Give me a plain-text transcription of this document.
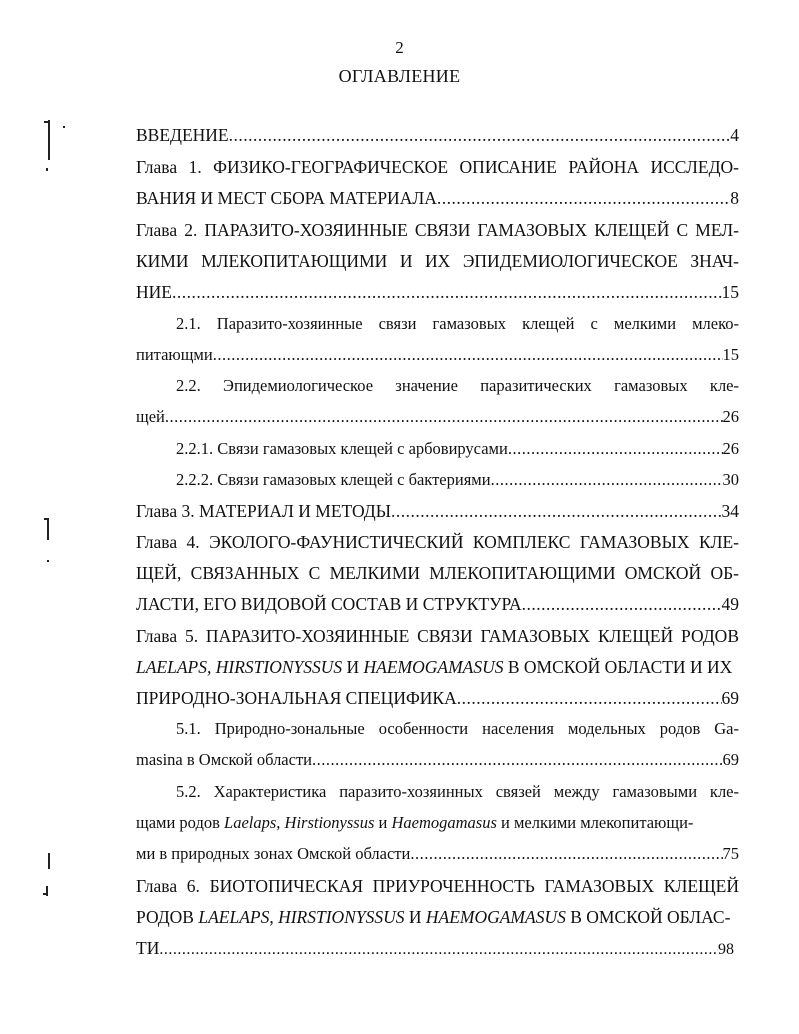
2
ОГЛАВЛЕНИЕ
ВВЕДЕНИЕ .....	4
Глава 1. ФИЗИКО-ГЕОГРАФИЧЕСКОЕ ОПИСАНИЕ РАЙОНА ИССЛЕДО-
ВАНИЯ И МЕСТ СБОРА МАТЕРИАЛА .....	8
Глава 2. ПАРАЗИТО-ХОЗЯИННЫЕ СВЯЗИ ГАМАЗОВЫХ КЛЕЩЕЙ С МЕЛ-
КИМИ МЛЕКОПИТАЮЩИМИ И ИХ ЭПИДЕМИОЛОГИЧЕСКОЕ ЗНАЧ-
НИЕ .....	15
2.1. Паразито-хозяинные связи гамазовых клещей с мелкими млеко-
питающми .....	15
2.2. Эпидемиологическое значение паразитических гамазовых кле-
щей .....	26
2.2.1. Связи гамазовых клещей с арбовирусами .....	26
2.2.2. Связи гамазовых клещей с бактериями .....	30
Глава 3. МАТЕРИАЛ И МЕТОДЫ .....	34
Глава 4. ЭКОЛОГО-ФАУНИСТИЧЕСКИЙ КОМПЛЕКС ГАМАЗОВЫХ КЛЕ-
ЩЕЙ, СВЯЗАННЫХ С МЕЛКИМИ МЛЕКОПИТАЮЩИМИ ОМСКОЙ ОБ-
ЛАСТИ, ЕГО ВИДОВОЙ СОСТАВ И СТРУКТУРА .....	49
Глава 5. ПАРАЗИТО-ХОЗЯИННЫЕ СВЯЗИ ГАМАЗОВЫХ КЛЕЩЕЙ РОДОВ
LAELAPS, HIRSTIONYSSUS И HAEMOGAMASUS В ОМСКОЙ ОБЛАСТИ И ИХ
ПРИРОДНО-ЗОНАЛЬНАЯ СПЕЦИФИКА .....	69
5.1. Природно-зональные особенности населения модельных родов Ga-
masina в Омской области .....	69
5.2. Характеристика паразито-хозяинных связей между гамазовыми кле-
щами родов Laelaps, Hirstionyssus и Haemogamasus и мелкими млекопитающи-
ми в природных зонах Омской области .....	75
Глава 6. БИОТОПИЧЕСКАЯ ПРИУРОЧЕННОСТЬ ГАМАЗОВЫХ КЛЕЩЕЙ
РОДОВ LAELAPS, HIRSTIONYSSUS И HAEMOGAMASUS В ОМСКОЙ ОБЛАС-
ТИ .....	98
